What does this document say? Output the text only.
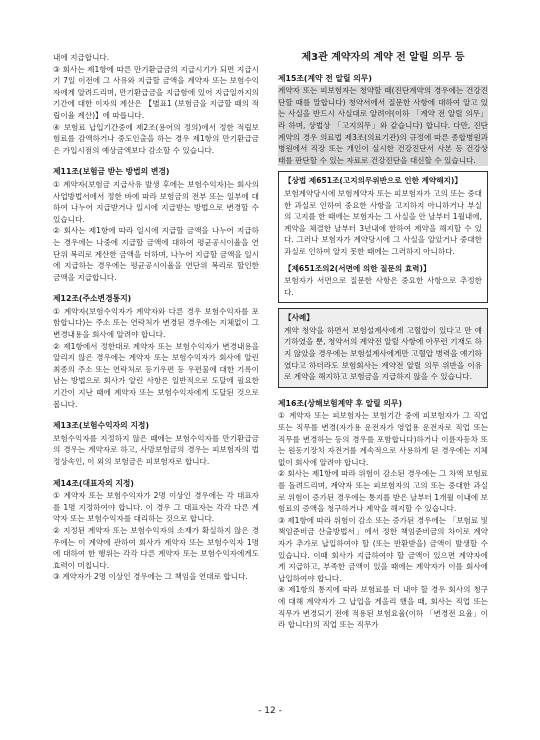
내에 지급합니다.

③ 회사는 제1항에 따른 만기환급금의 지급시기가 되면 지급시기 7일 이전에 그 사유와 지급할 금액을 계약자 또는 보험수익자에게 알려드리며, 만기환급금을 지급함에 있어 지급일까지의 기간에 대한 이자의 계산은 【별표1 (보험금을 지급할 때의 적립이율 계산)】에 따릅니다.

④ 보험료 납입기간중에 제2조(용어의 정의)에서 정한 적립보험료를 감액하거나 중도인출을 하는 경우 제1항의 만기환급금은 가입시점의 예상금액보다 감소할 수 있습니다.

제11조(보험금 받는 방법의 변경)

① 계약자(보험금 지급사유 발생 후에는 보험수익자)는 회사의 사업방법서에서 정한 바에 따라 보험금의 전부 또는 일부에 대하여 나누어 지급받거나 일시에 지급받는 방법으로 변경할 수 있습니다.

② 회사는 제1항에 따라 일시에 지급할 금액을 나누어 지급하는 경우에는 나중에 지급할 금액에 대하여 평균공시이율을 연단위 복리로 계산한 금액을 더하며, 나누어 지급할 금액을 일시에 지급하는 경우에는 평균공시이율을 연단위 복리로 할인한 금액을 지급합니다.

제12조(주소변경통지)

① 계약자(보험수익자가 계약자와 다른 경우 보험수익자를 포함합니다)는 주소 또는 연락처가 변경된 경우에는 지체없이 그 변경내용을 회사에 알려야 합니다.

② 제1항에서 정한대로 계약자 또는 보험수익자가 변경내용을 알리지 않은 경우에는 계약자 또는 보험수익자가 회사에 알린 최종의 주소 또는 연락처로 등기우편 등 우편물에 대한 기록이 남는 방법으로 회사가 알린 사항은 일반적으로 도달에 필요한 기간이 지난 때에 계약자 또는 보험수익자에게 도달된 것으로 봅니다.

제13조(보험수익자의 지정)

보험수익자를 지정하지 않은 때에는 보험수익자를 만기환급금의 경우는 계약자로 하고, 사망보험금의 경우는 피보험자의 법정상속인, 이 외의 보험금은 피보험자로 합니다.

제14조(대표자의 지정)

① 계약자 또는 보험수익자가 2명 이상인 경우에는 각 대표자를 1명 지정하여야 합니다. 이 경우 그 대표자는 각각 다른 계약자 또는 보험수익자를 대리하는 것으로 합니다.

② 지정된 계약자 또는 보험수익자의 소재가 확실하지 않은 경우에는 이 계약에 관하여 회사가 계약자 또는 보험수익자 1명에 대하여 한 행위는 각각 다른 계약자 또는 보험수익자에게도 효력이 미칩니다.

③ 계약자가 2명 이상인 경우에는 그 책임을 연대로 합니다.

제3관 계약자의 계약 전 알릴 의무 등
제15조(계약 전 알릴 의무)

계약자 또는 피보험자는 청약할 때(진단계약의 경우에는 건강진단할 때를 말합니다) 청약서에서 질문한 사항에 대하여 알고 있는 사실을 반드시 사실대로 알려야(이하 「계약 전 알릴 의무」라 하며, 상법상 「고지의무」와 같습니다) 합니다. 다만, 진단계약의 경우 의료법 제3조(의료기관)의 규정에 따른 종합병원과 병원에서 직장 또는 개인이 실시한 건강진단서 사본 등 건강상태를 판단할 수 있는 자료로 건강진단을 대신할 수 있습니다.

【상법 제651조(고지의무위반으로 인한 계약해지)】

보험계약당시에 보험계약자 또는 피보험자가 고의 또는 중대한 과실로 인하여 중요한 사항을 고지하지 아니하거나 부실의 고지를 한 때에는 보험자는 그 사실을 안 날부터 1월내에, 계약을 체결한 날부터 3년내에 한하여 계약을 해지할 수 있다. 그러나 보험자가 계약당시에 그 사실을 알았거나 중대한 과실로 인하여 알지 못한 때에는 그러하지 아니하다.

【제651조의2(서면에 의한 질문의 효력)】

보험자가 서면으로 질문한 사항은 중요한 사항으로 추정한다.

【사례】

계약 청약을 하면서 보험설계사에게 고혈압이 있다고 만 얘기하였을 뿐, 청약서의 계약전 알릴 사항에 아무런 기재도 하지 않았을 경우에는 보험설계사에게만 고혈압 병력을 얘기하였다고 하더라도 보험회사는 계약전 알릴 의무 위반을 이유로 계약을 해지하고 보험금을 지급하지 않을 수 있습니다.

제16조(상해보험계약 후 알릴 의무)

① 계약자 또는 피보험자는 보험기간 중에 피보험자가 그 직업 또는 직무를 변경(자가용 운전자가 영업용 운전자로 직업 또는 직무를 변경하는 등의 경우를 포함합니다)하거나 이륜자동차 또는 원동기장치 자전거를 계속적으로 사용하게 된 경우에는 지체없이 회사에 알려야 합니다.

② 회사는 제1항에 따라 위험이 감소된 경우에는 그 차액 보험료를 돌려드리며, 계약자 또는 피보험자의 고의 또는 중대한 과실로 위험이 증가된 경우에는 통지를 받은 날부터 1개월 이내에 보험료의 증액을 청구하거나 계약을 해지할 수 있습니다.

③ 제1항에 따라 위험이 감소 또는 증가된 경우에는 「보험료 및 책임준비금 산출방법서」에서 정한 책임준비금의 차이로 계약자가 추가로 납입하여야 할 (또는 반환받을) 금액이 발생할 수 있습니다. 이때 회사가 지급하여야 할 금액이 있으면 계약자에게 지급하고, 부족한 금액이 있을 때에는 계약자가 이를 회사에 납입하여야 합니다.

④ 제1항의 통지에 따라 보험료를 더 내야 할 경우 회사의 청구에 대해 계약자가 그 납입을 게을리 했을 때, 회사는 직업 또는 직무가 변경되기 전에 적용된 보험요율(이하 「변경전 요율」이라 합니다)의 직업 또는 직무가

- 12 -
